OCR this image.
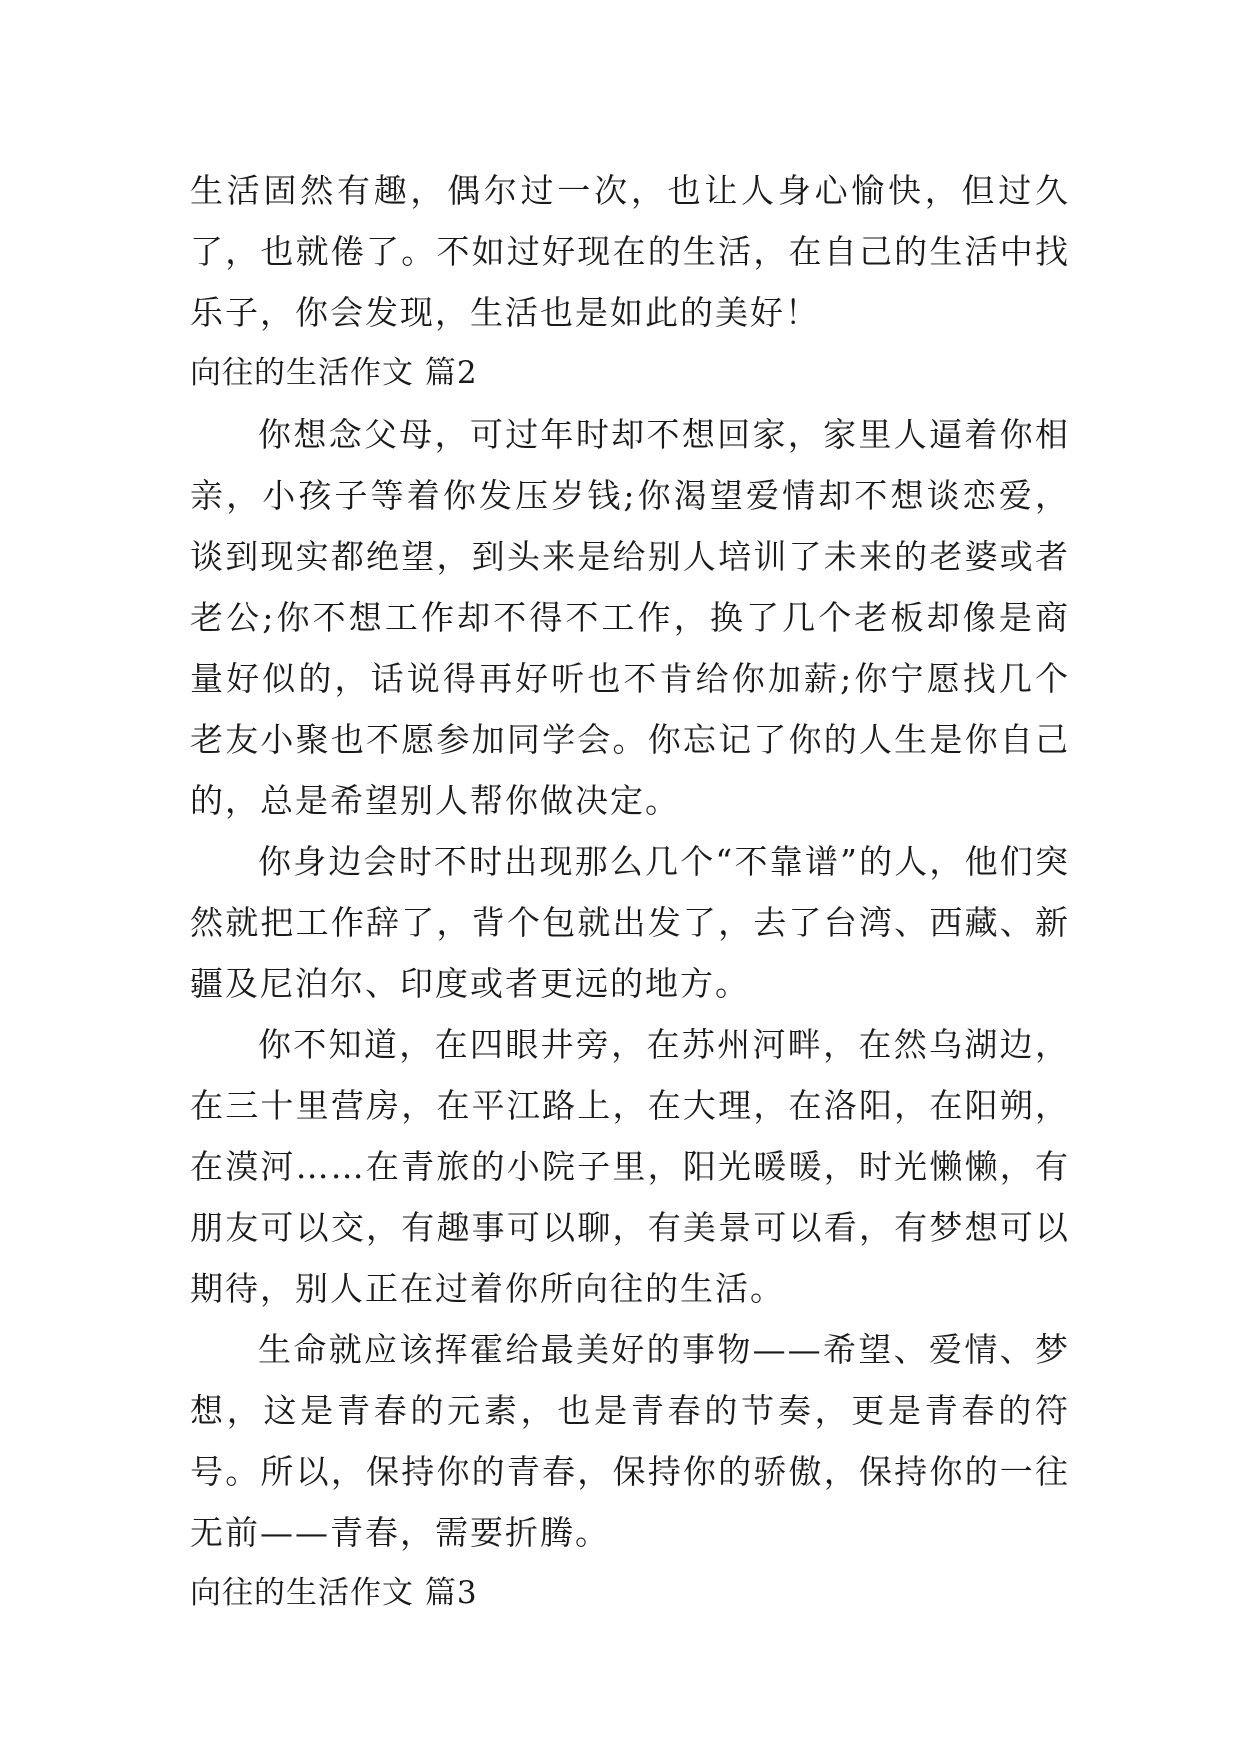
生活固然有趣，偶尔过一次，也让人身心愉快，但过久了，也就倦了。不如过好现在的生活，在自己的生活中找乐子，你会发现，生活也是如此的美好！

向往的生活作文 篇2

你想念父母，可过年时却不想回家，家里人逼着你相亲，小孩子等着你发压岁钱;你渴望爱情却不想谈恋爱，谈到现实都绝望，到头来是给别人培训了未来的老婆或者老公;你不想工作却不得不工作，换了几个老板却像是商量好似的，话说得再好听也不肯给你加薪;你宁愿找几个老友小聚也不愿参加同学会。你忘记了你的人生是你自己的，总是希望别人帮你做决定。

你身边会时不时出现那么几个“不靠谱”的人，他们突然就把工作辞了，背个包就出发了，去了台湾、西藏、新疆及尼泊尔、印度或者更远的地方。

你不知道，在四眼井旁，在苏州河畔，在然乌湖边，在三十里营房，在平江路上，在大理，在洛阳，在阳朔，在漠河……在青旅的小院子里，阳光暖暖，时光懒懒，有朋友可以交，有趣事可以聊，有美景可以看，有梦想可以期待，别人正在过着你所向往的生活。

生命就应该挥霍给最美好的事物——希望、爱情、梦想，这是青春的元素，也是青春的节奏，更是青春的符号。所以，保持你的青春，保持你的骄傲，保持你的一往无前——青春，需要折腾。

向往的生活作文 篇3
